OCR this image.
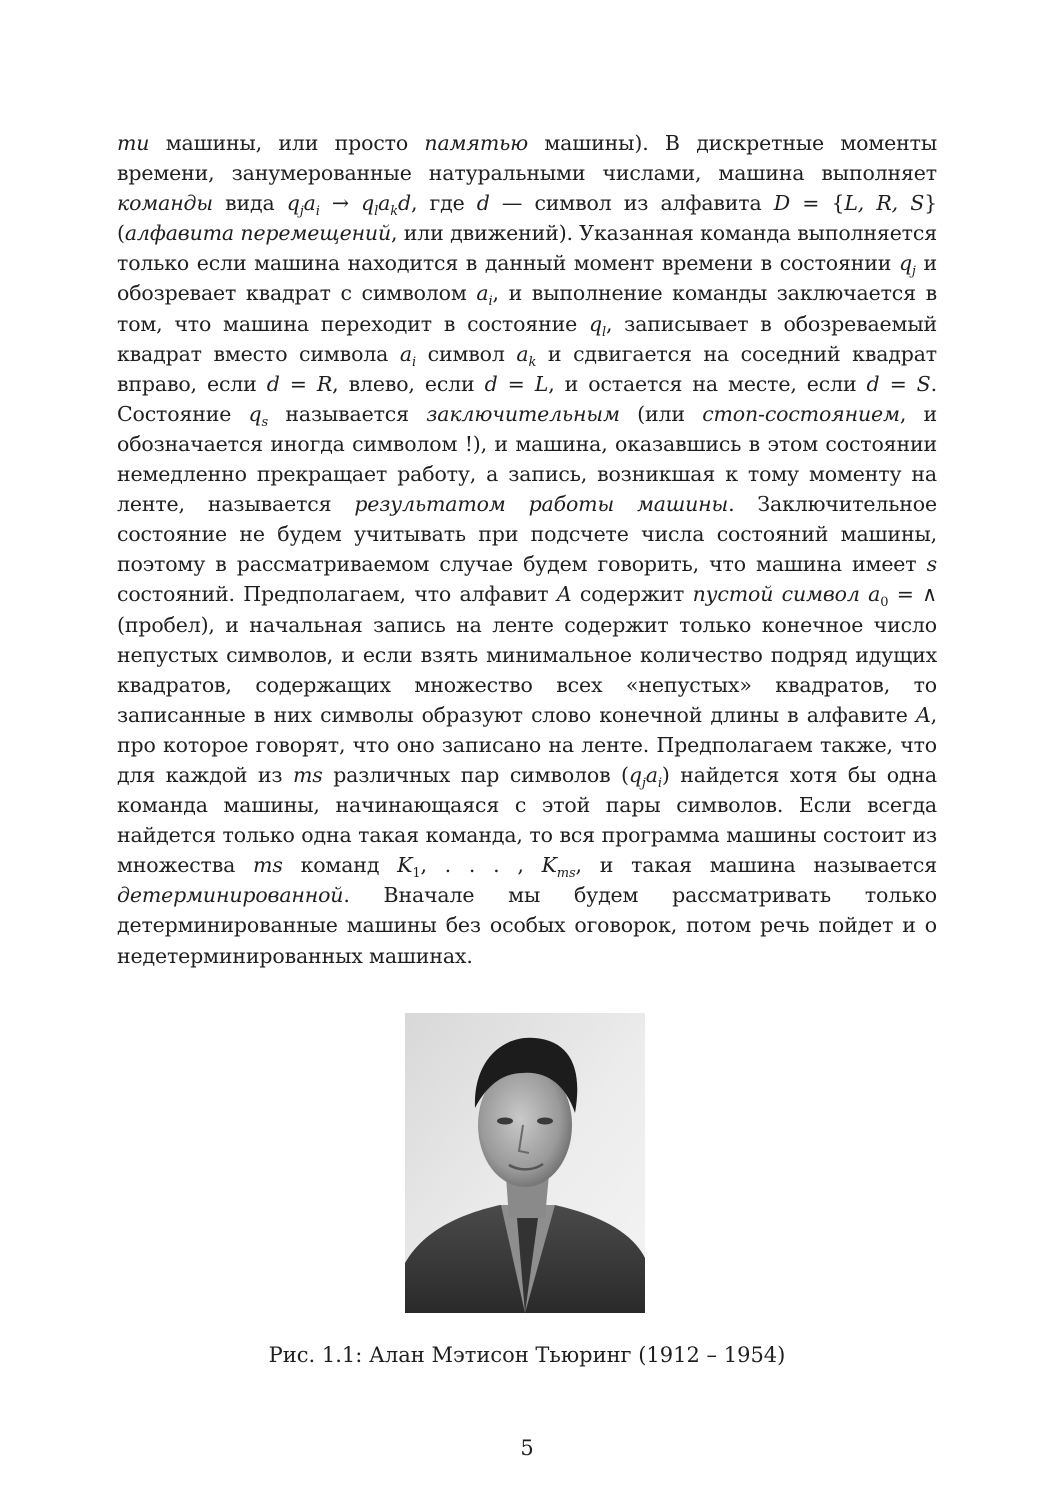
ти машины, или просто памятью машины). В дискретные моменты времени, занумерованные натуральными числами, машина выполняет команды вида $q_ja_i \to q_la_kd$, где d — символ из алфавита D = {L, R, S} (алфавита перемещений, или движений). Указанная команда выполняется только если машина находится в данный момент времени в состоянии $q_j$ и обозревает квадрат с символом $a_i$, и выполнение команды заключается в том, что машина переходит в состояние $q_l$, записывает в обозреваемый квадрат вместо символа $a_i$ символ $a_k$ и сдвигается на соседний квадрат вправо, если d = R, влево, если d = L, и остается на месте, если d = S. Состояние $q_s$ называется заключительным (или стоп-состоянием, и обозначается иногда символом !), и машина, оказавшись в этом состоянии немедленно прекращает работу, а запись, возникшая к тому моменту на ленте, называется результатом работы машины. Заключительное состояние не будем учитывать при подсчете числа состояний машины, поэтому в рассматриваемом случае будем говорить, что машина имеет s состояний. Предполагаем, что алфавит A содержит пустой символ $a_0$ = ∧ (пробел), и начальная запись на ленте содержит только конечное число непустых символов, и если взять минимальное количество подряд идущих квадратов, содержащих множество всех «непустых» квадратов, то записанные в них символы образуют слово конечной длины в алфавите A, про которое говорят, что оно записано на ленте. Предполагаем также, что для каждой из ms различных пар символов $(q_ja_i)$ найдется хотя бы одна команда машины, начинающаяся с этой пары символов. Если всегда найдется только одна такая команда, то вся программа машины состоит из множества ms команд $K_1$, . . . , $K_{ms}$, и такая машина называется детерминированной. Вначале мы будем рассматривать только детерминированные машины без особых оговорок, потом речь пойдет и о недетерминированных машинах.
Рис. 1.1: Алан Мэтисон Тьюринг (1912 – 1954)
5
